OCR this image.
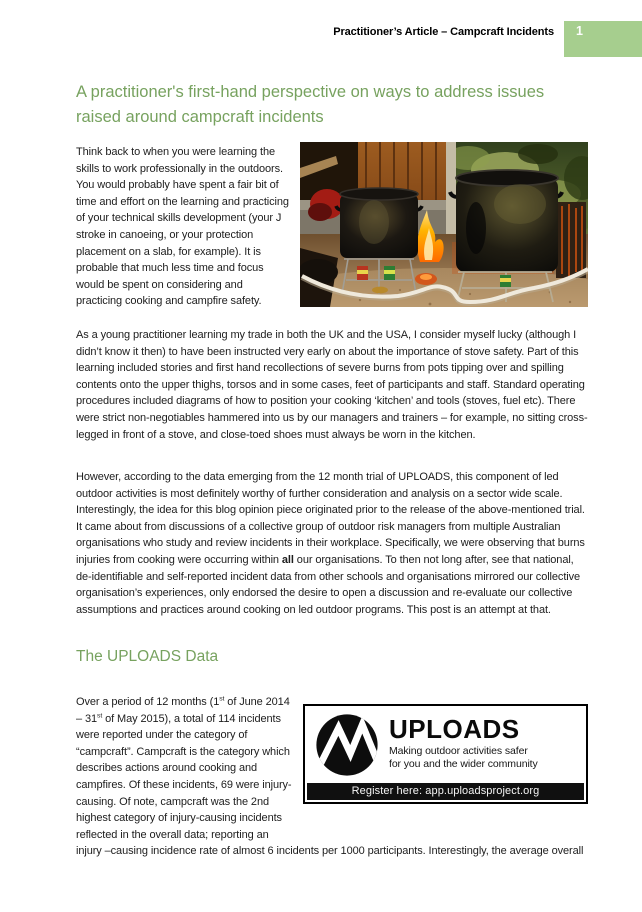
Practitioner’s Article – Campcraft Incidents 1
A practitioner's first-hand perspective on ways to address issues raised around campcraft incidents
Think back to when you were learning the skills to work professionally in the outdoors. You would probably have spent a fair bit of time and effort on the learning and practicing of your technical skills development (your J stroke in canoeing, or your protection placement on a slab, for example). It is probable that much less time and focus would be spent on considering and practicing cooking and campfire safety.
As a young practitioner learning my trade in both the UK and the USA, I consider myself lucky (although I didn’t know it then) to have been instructed very early on about the importance of stove safety. Part of this learning included stories and first hand recollections of severe burns from pots tipping over and spilling contents onto the upper thighs, torsos and in some cases, feet of participants and staff. Standard operating procedures included diagrams of how to position your cooking ‘kitchen’ and tools (stoves, fuel etc). There were strict non-negotiables hammered into us by our managers and trainers – for example, no sitting cross-legged in front of a stove, and close-toed shoes must always be worn in the kitchen.
However, according to the data emerging from the 12 month trial of UPLOADS, this component of led outdoor activities is most definitely worthy of further consideration and analysis on a sector wide scale. Interestingly, the idea for this blog opinion piece originated prior to the release of the above-mentioned trial. It came about from discussions of a collective group of outdoor risk managers from multiple Australian organisations who study and review incidents in their workplace. Specifically, we were observing that burns injuries from cooking were occurring within all our organisations. To then not long after, see that national, de-identifiable and self-reported incident data from other schools and organisations mirrored our collective organisation’s experiences, only endorsed the desire to open a discussion and re-evaluate our collective assumptions and practices around cooking on led outdoor programs. This post is an attempt at that.
The UPLOADS Data
UPLOADS
Making outdoor activities safer
for you and the wider community
Register here: app.uploadsproject.org
Over a period of 12 months (1st of June 2014 – 31st of May 2015), a total of 114 incidents were reported under the category of “campcraft”. Campcraft is the category which describes actions around cooking and campfires. Of these incidents, 69 were injury-causing. Of note, campcraft was the 2nd highest category of injury-causing incidents reflected in the overall data; reporting an injury –causing incidence rate of almost 6 incidents per 1000 participants. Interestingly, the average overall
